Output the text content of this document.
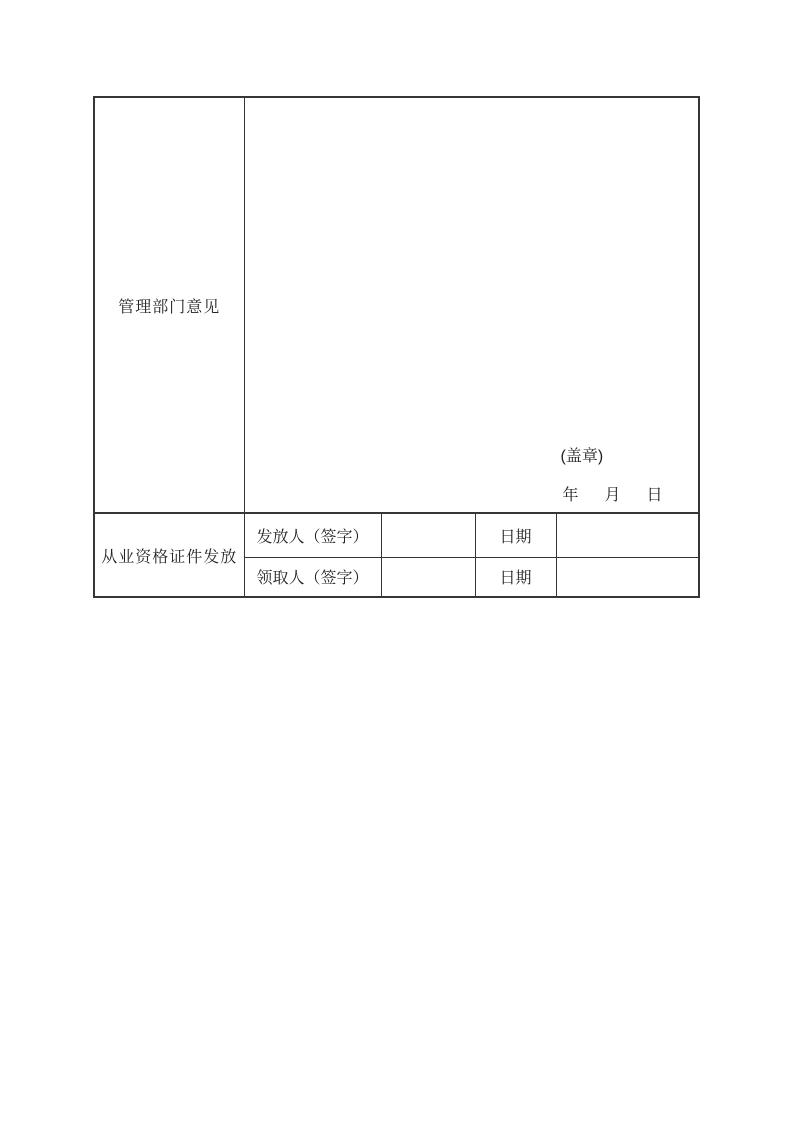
管理部门意见	(盖章)
年　月　日			

从业资格证件发放	发放人（签字）		日期	
	领取人（签字）		日期	
